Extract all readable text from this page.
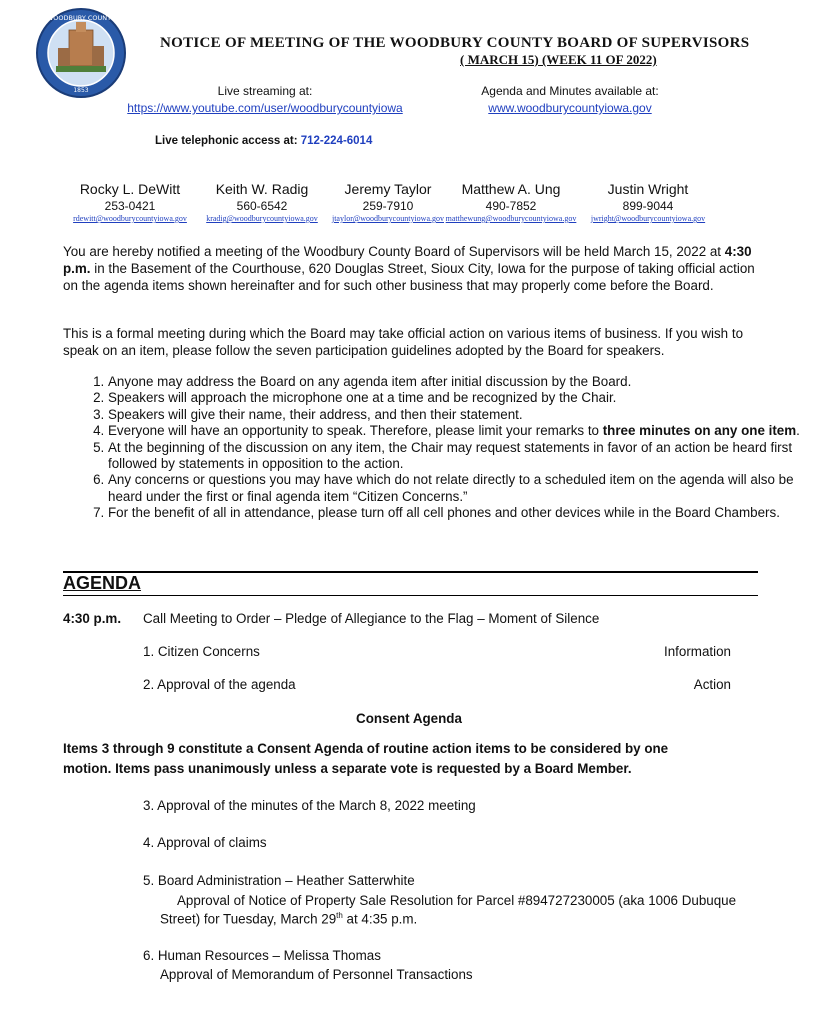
WOODBURY COUNTY
1853
NOTICE OF MEETING OF THE WOODBURY COUNTY BOARD OF SUPERVISORS
( MARCH 15) (WEEK 11 OF 2022)
Live streaming at:
https://www.youtube.com/user/woodburycountyiowa
Agenda and Minutes available at:
www.woodburycountyiowa.gov
Live telephonic access at: 712-224-6014
Rocky L. DeWitt
253-0421
rdewitt@woodburycountyiowa.gov
Keith W. Radig
560-6542
kradig@woodburycountyiowa.gov
Jeremy Taylor
259-7910
jtaylor@woodburycountyiowa.gov
Matthew A. Ung
490-7852
matthewung@woodburycountyiowa.gov
Justin Wright
899-9044
jwright@woodburycountyiowa.gov
You are hereby notified a meeting of the Woodbury County Board of Supervisors will be held March 15, 2022 at 4:30 p.m. in the Basement of the Courthouse, 620 Douglas Street, Sioux City, Iowa for the purpose of taking official action on the agenda items shown hereinafter and for such other business that may properly come before the Board.
This is a formal meeting during which the Board may take official action on various items of business. If you wish to speak on an item, please follow the seven participation guidelines adopted by the Board for speakers.
1. Anyone may address the Board on any agenda item after initial discussion by the Board.
2. Speakers will approach the microphone one at a time and be recognized by the Chair.
3. Speakers will give their name, their address, and then their statement.
4. Everyone will have an opportunity to speak. Therefore, please limit your remarks to three minutes on any one item.
5. At the beginning of the discussion on any item, the Chair may request statements in favor of an action be heard first followed by statements in opposition to the action.
6. Any concerns or questions you may have which do not relate directly to a scheduled item on the agenda will also be heard under the first or final agenda item “Citizen Concerns.”
7. For the benefit of all in attendance, please turn off all cell phones and other devices while in the Board Chambers.
AGENDA
4:30 p.m. Call Meeting to Order – Pledge of Allegiance to the Flag – Moment of Silence
1. Citizen Concerns	Information
2. Approval of the agenda	Action
Consent Agenda
Items 3 through 9 constitute a Consent Agenda of routine action items to be considered by one
motion. Items pass unanimously unless a separate vote is requested by a Board Member.
3. Approval of the minutes of the March 8, 2022 meeting
4. Approval of claims
5. Board Administration – Heather Satterwhite
Approval of Notice of Property Sale Resolution for Parcel #894727230005 (aka 1006 Dubuque
Street) for Tuesday, March 29th at 4:35 p.m.
6. Human Resources – Melissa Thomas
Approval of Memorandum of Personnel Transactions
